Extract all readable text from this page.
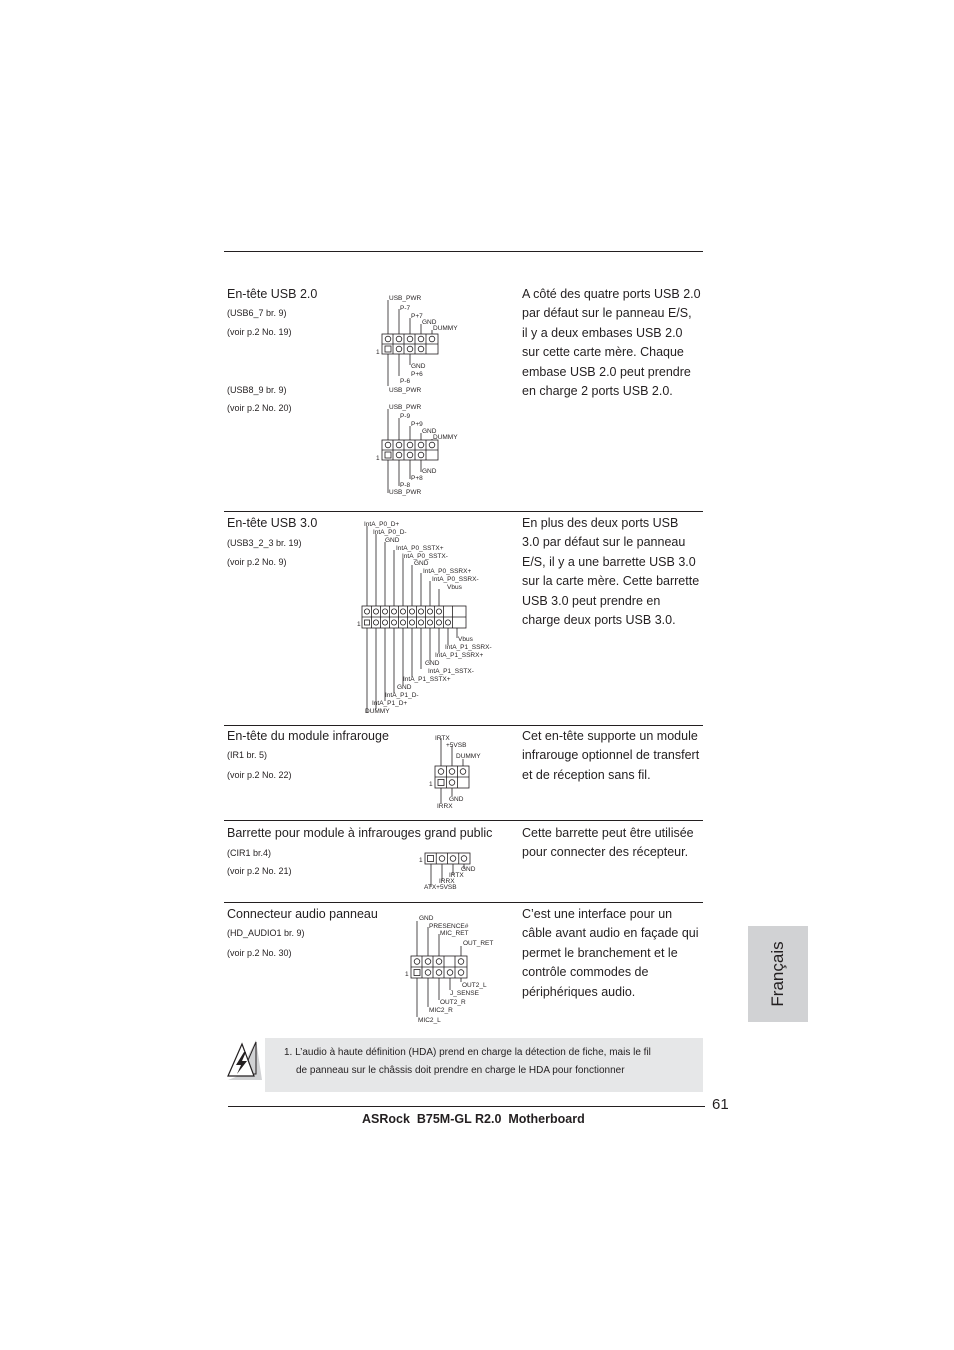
En-tête USB 2.0
(USB6_7 br. 9)
(voir p.2 No. 19)
(USB8_9 br. 9)
(voir p.2 No. 20)
A côté des quatre ports USB 2.0
par défaut sur le panneau E/S,
il y a deux embases USB 2.0
sur cette carte mère. Chaque
embase USB 2.0 peut prendre
en charge 2 ports USB 2.0.
USB_PWR
P-7
P+7
GND
DUMMY
1
GND
P+6
P-6
USB_PWR
USB_PWR
P-9
P+9
GND
DUMMY
1
GND
P+8
P-8
USB_PWR
En-tête USB 3.0
(USB3_2_3 br. 19)
(voir p.2 No. 9)
En plus des deux ports USB
3.0 par défaut sur le panneau
E/S, il y a une barrette USB 3.0
sur la carte mère. Cette barrette
USB 3.0 peut prendre en
charge deux ports USB 3.0.
IntA_P0_D+
IntA_P0_D-
GND
IntA_P0_SSTX+
IntA_P0_SSTX-
GND
IntA_P0_SSRX+
IntA_P0_SSRX-
Vbus
1
Vbus
IntA_P1_SSRX-
IntA_P1_SSRX+
GND
IntA_P1_SSTX-
IntA_P1_SSTX+
GND
IntA_P1_D-
IntA_P1_D+
DUMMY
En-tête du module infrarouge
(IR1 br. 5)
(voir p.2 No. 22)
Cet en-tête supporte un module
infrarouge optionnel de transfert
et de réception sans fil.
IRTX
+5VSB
DUMMY
1
GND
IRRX
Barrette pour module à infrarouges grand public
(CIR1 br.4)
(voir p.2 No. 21)
Cette barrette peut être utilisée
pour connecter des récepteur.
1
GND
IRTX
IRRX
ATX+5VSB
Connecteur audio panneau
(HD_AUDIO1 br. 9)
(voir p.2 No. 30)
C’est une interface pour un
câble avant audio en façade qui
permet le branchement et le
contrôle commodes de
périphériques audio.
GND
PRESENCE#
MIC_RET
OUT_RET
1
OUT2_L
J_SENSE
OUT2_R
MIC2_R
MIC2_L

1. L’audio à haute définition (HDA) prend en charge la détection de fiche, mais le fil

de panneau sur le châssis doit prendre en charge le HDA pour fonctionner

Français
61
ASRock  B75M-GL R2.0  Motherboard
